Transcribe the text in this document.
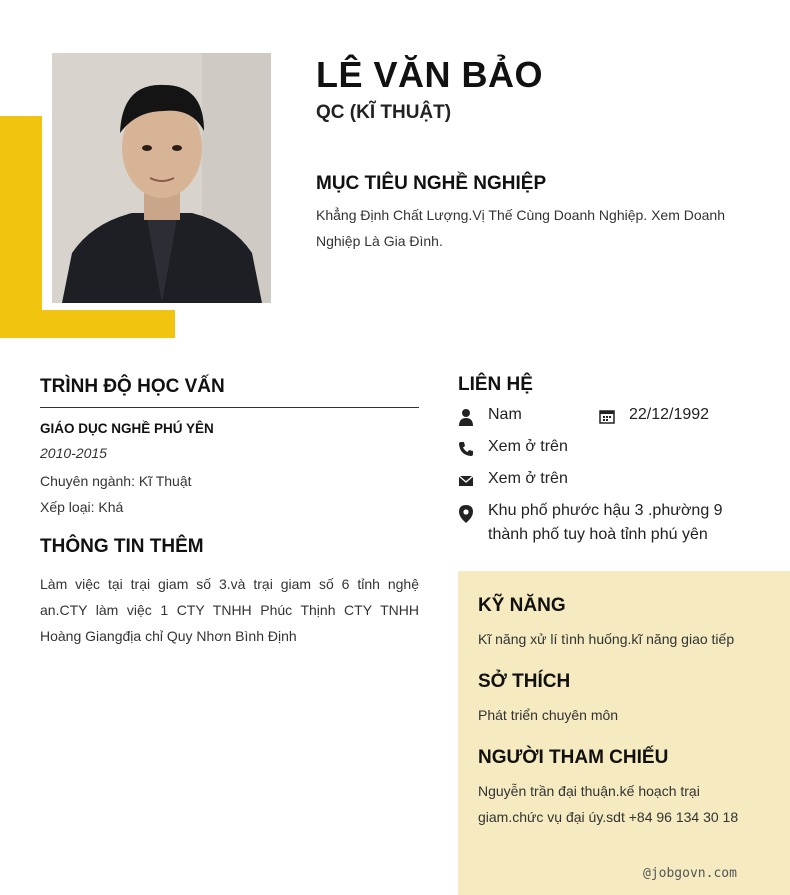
LÊ VĂN BẢO
QC (KĨ THUẬT)
MỤC TIÊU NGHỀ NGHIỆP
Khẳng Định Chất Lượng.Vị Thế Cùng Doanh Nghiệp. Xem Doanh Nghiệp Là Gia Đình.
TRÌNH ĐỘ HỌC VẤN
GIÁO DỤC NGHỀ PHÚ YÊN
2010-2015
Chuyên ngành: Kĩ Thuật
Xếp loại: Khá
THÔNG TIN THÊM
Làm việc tại trại giam số 3.và trại giam số 6 tỉnh nghệ an.CTY làm việc 1 CTY TNHH Phúc Thịnh CTY TNHH Hoàng Giangđịa chỉ Quy Nhơn Bình Định
LIÊN HỆ
Nam	22/12/1992
Xem ở trên
Xem ở trên
Khu phố phước hậu 3 .phường 9
thành phố tuy hoà tỉnh phú yên
KỸ NĂNG
Kĩ năng xử lí tình huống.kĩ năng giao tiếp
SỞ THÍCH
Phát triển chuyên môn
NGƯỜI THAM CHIẾU
Nguyễn trần đại thuận.kế hoạch trại giam.chức vụ đại úy.sdt +84 96 134 30 18
@jobgovn.com
